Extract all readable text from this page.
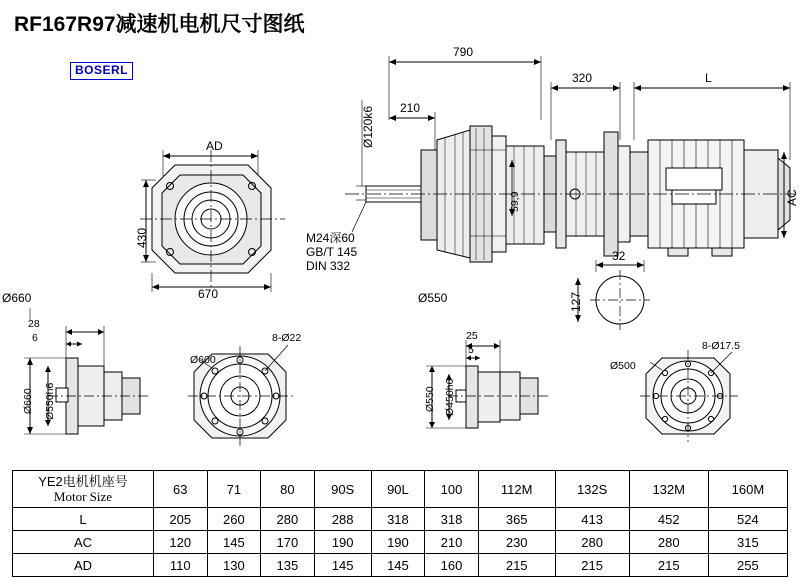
RF167R97减速机电机尺寸图纸
BOSERL
AD
430
670
790
320	L
210
Ø120k6
59,9	AC
M24深60
GB/T 145
DIN 332
32
127
Ø660	Ø550
28
6
Ø660 Ø550h6
Ø600
8-Ø22	25
5
Ø550 Ø450h6
Ø500
8-Ø17.5
YE2电机机座号
Motor Size	63	71	80	90S	90L	100	112M	132S	132M	160M
L	205	260	280	288	318	318	365	413	452	524
AC	120	145	170	190	190	210	230	280	280	315
AD	110	130	135	145	145	160	215	215	215	255
